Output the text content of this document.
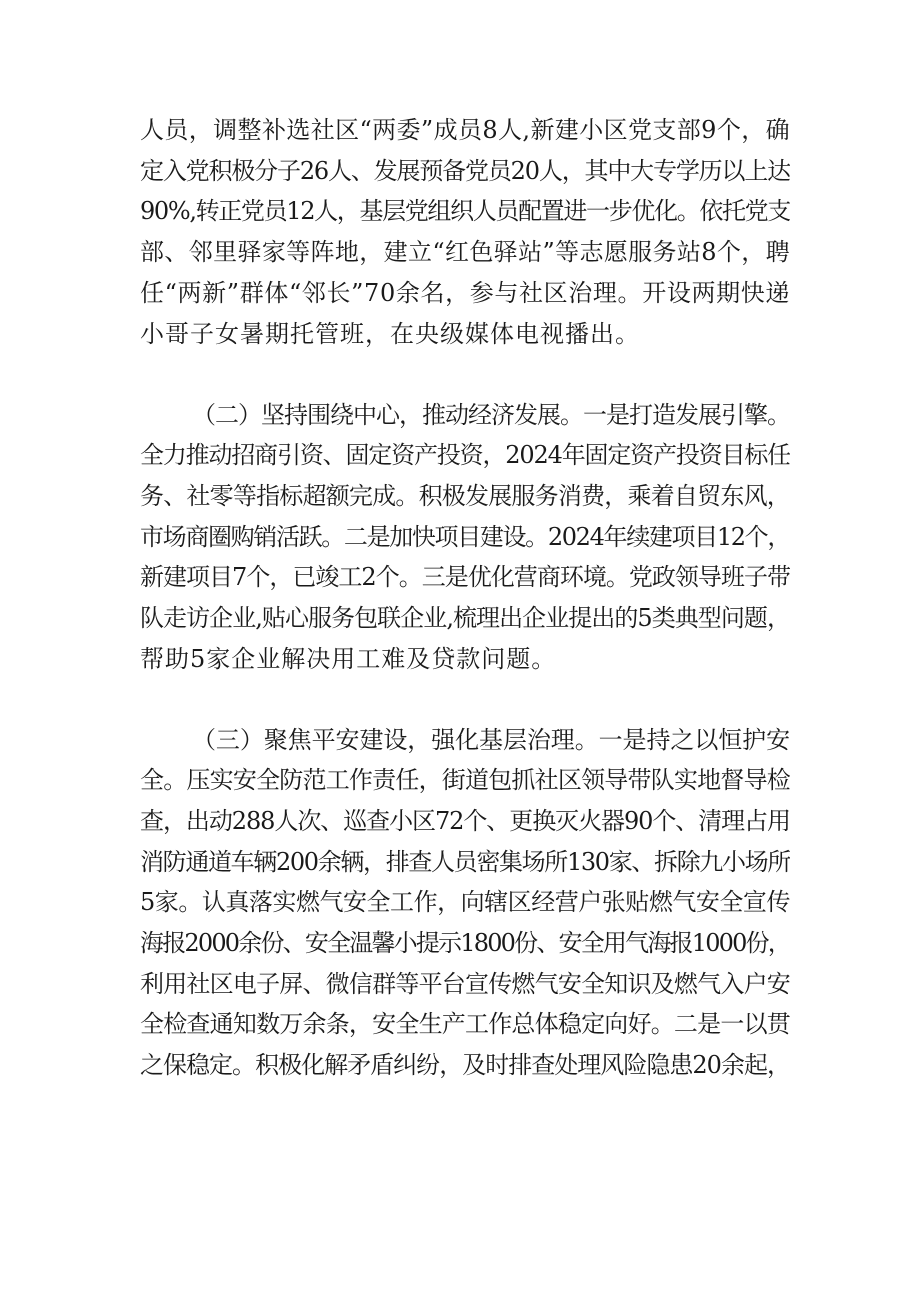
人员，调整补选社区“两委”成员8人,新建小区党支部9个，确
定入党积极分子26人、发展预备党员20人，其中大专学历以上达
90%,转正党员12人，基层党组织人员配置进一步优化。依托党支
部、邻里驿家等阵地，建立“红色驿站”等志愿服务站8个，聘
任“两新”群体“邻长”70余名，参与社区治理。开设两期快递
小哥子女暑期托管班，在央级媒体电视播出。
（二）坚持围绕中心，推动经济发展。一是打造发展引擎。
全力推动招商引资、固定资产投资，2024年固定资产投资目标任
务、社零等指标超额完成。积极发展服务消费，乘着自贸东风，
市场商圈购销活跃。二是加快项目建设。2024年续建项目12个，
新建项目7个，已竣工2个。三是优化营商环境。党政领导班子带
队走访企业,贴心服务包联企业,梳理出企业提出的5类典型问题，
帮助5家企业解决用工难及贷款问题。
（三）聚焦平安建设，强化基层治理。一是持之以恒护安
全。压实安全防范工作责任，街道包抓社区领导带队实地督导检
查，出动288人次、巡查小区72个、更换灭火器90个、清理占用
消防通道车辆200余辆，排查人员密集场所130家、拆除九小场所
5家。认真落实燃气安全工作，向辖区经营户张贴燃气安全宣传
海报2000余份、安全温馨小提示1800份、安全用气海报1000份，
利用社区电子屏、微信群等平台宣传燃气安全知识及燃气入户安
全检查通知数万余条，安全生产工作总体稳定向好。二是一以贯
之保稳定。积极化解矛盾纠纷，及时排查处理风险隐患20余起，
